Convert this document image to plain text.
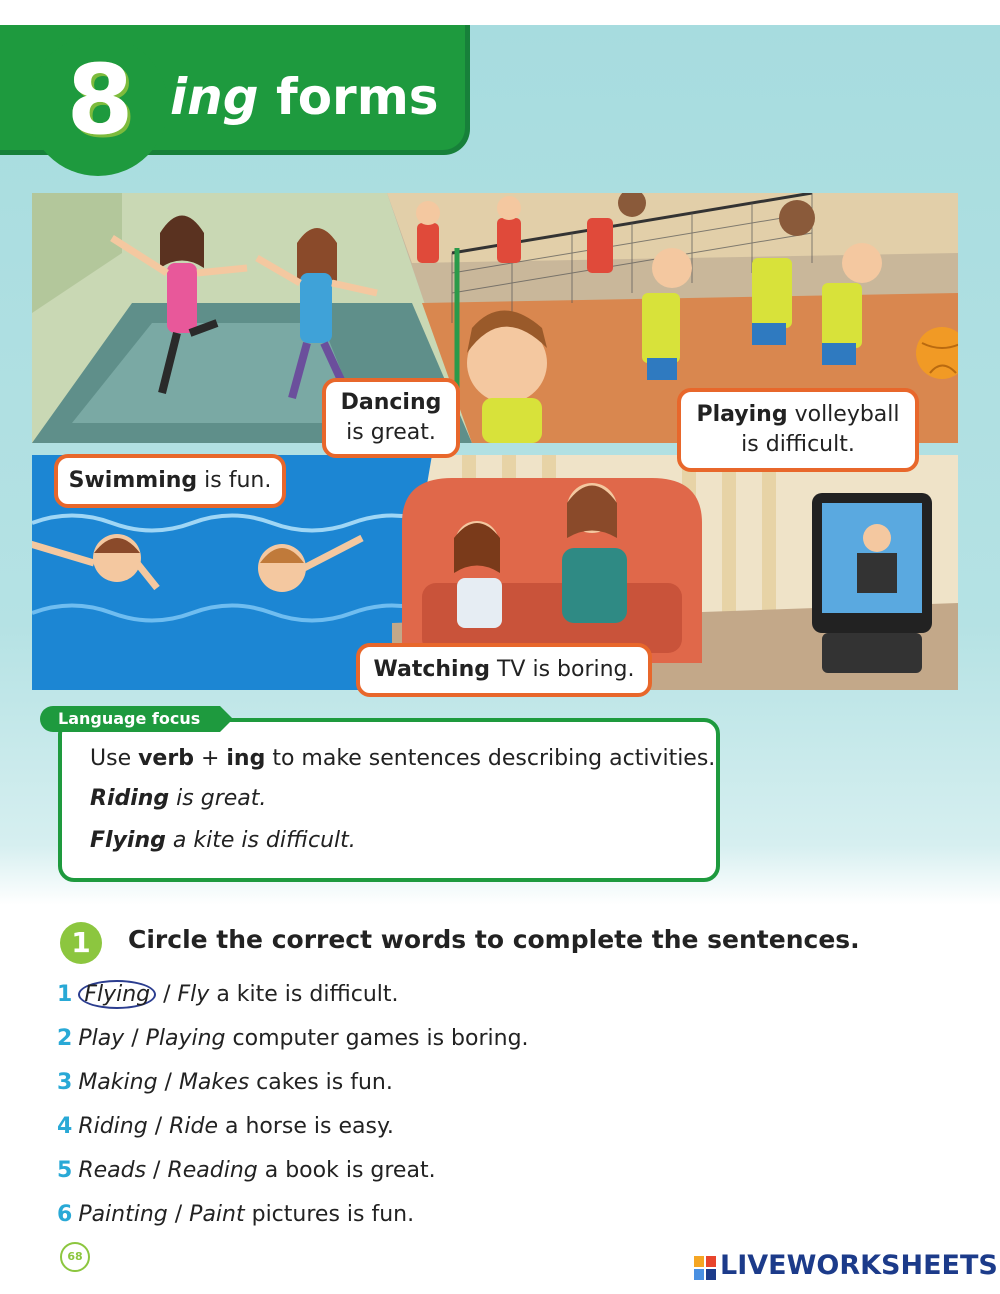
8 ing forms
Dancing
is great.
Playing volleyball
is difficult.
Swimming is fun.
Watching TV is boring.
Language focus
Use verb + ing to make sentences describing activities.
Riding is great.
Flying a kite is difficult.
1	Circle the correct words to complete the sentences.
1 Flying / Fly a kite is difficult.
2 Play / Playing computer games is boring.
3 Making / Makes cakes is fun.
4 Riding / Ride a horse is easy.
5 Reads / Reading a book is great.
6 Painting / Paint pictures is fun.
68	LIVEWORKSHEETS
